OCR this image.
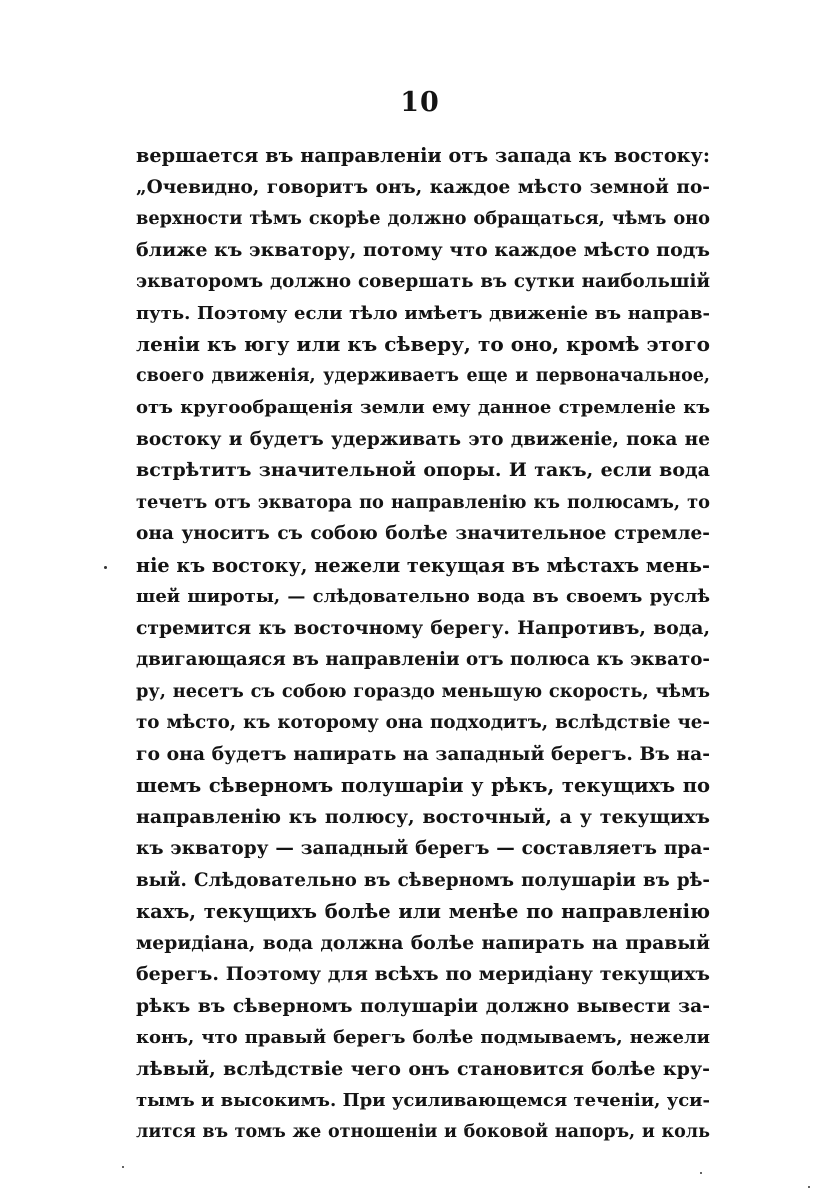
10
вершается въ направленіи отъ запада къ востоку:
„Очевидно, говоритъ онъ, каждое мѣсто земной по-
верхности тѣмъ скорѣе должно обращаться, чѣмъ оно
ближе къ экватору, потому что каждое мѣсто подъ
экваторомъ должно совершать въ сутки наибольшій
путь. Поэтому если тѣло имѣетъ движеніе въ направ-
леніи къ югу или къ сѣверу, то оно, кромѣ этого
своего движенія, удерживаетъ еще и первоначальное,
отъ кругообращенія земли ему данное стремленіе къ
востоку и будетъ удерживать это движеніе, пока не
встрѣтитъ значительной опоры. И такъ, если вода
течетъ отъ экватора по направленію къ полюсамъ, то
она уноситъ съ собою болѣе значительное стремле-
ніе къ востоку, нежели текущая въ мѣстахъ мень-
шей широты, — слѣдовательно вода въ своемъ руслѣ
стремится къ восточному берегу. Напротивъ, вода,
двигающаяся въ направленіи отъ полюса къ эквато-
ру, несетъ съ собою гораздо меньшую скорость, чѣмъ
то мѣсто, къ которому она подходитъ, вслѣдствіе че-
го она будетъ напирать на западный берегъ. Въ на-
шемъ сѣверномъ полушаріи у рѣкъ, текущихъ по
направленію къ полюсу, восточный, а у текущихъ
къ экватору — западный берегъ — составляетъ пра-
вый. Слѣдовательно въ сѣверномъ полушаріи въ рѣ-
кахъ, текущихъ болѣе или менѣе по направленію
меридіана, вода должна болѣе напирать на правый
берегъ. Поэтому для всѣхъ по меридіану текущихъ
рѣкъ въ сѣверномъ полушаріи должно вывести за-
конъ, что правый берегъ болѣе подмываемъ, нежели
лѣвый, вслѣдствіе чего онъ становится болѣе кру-
тымъ и высокимъ. При усиливающемся теченіи, уси-
лится въ томъ же отношеніи и боковой напоръ, и коль
